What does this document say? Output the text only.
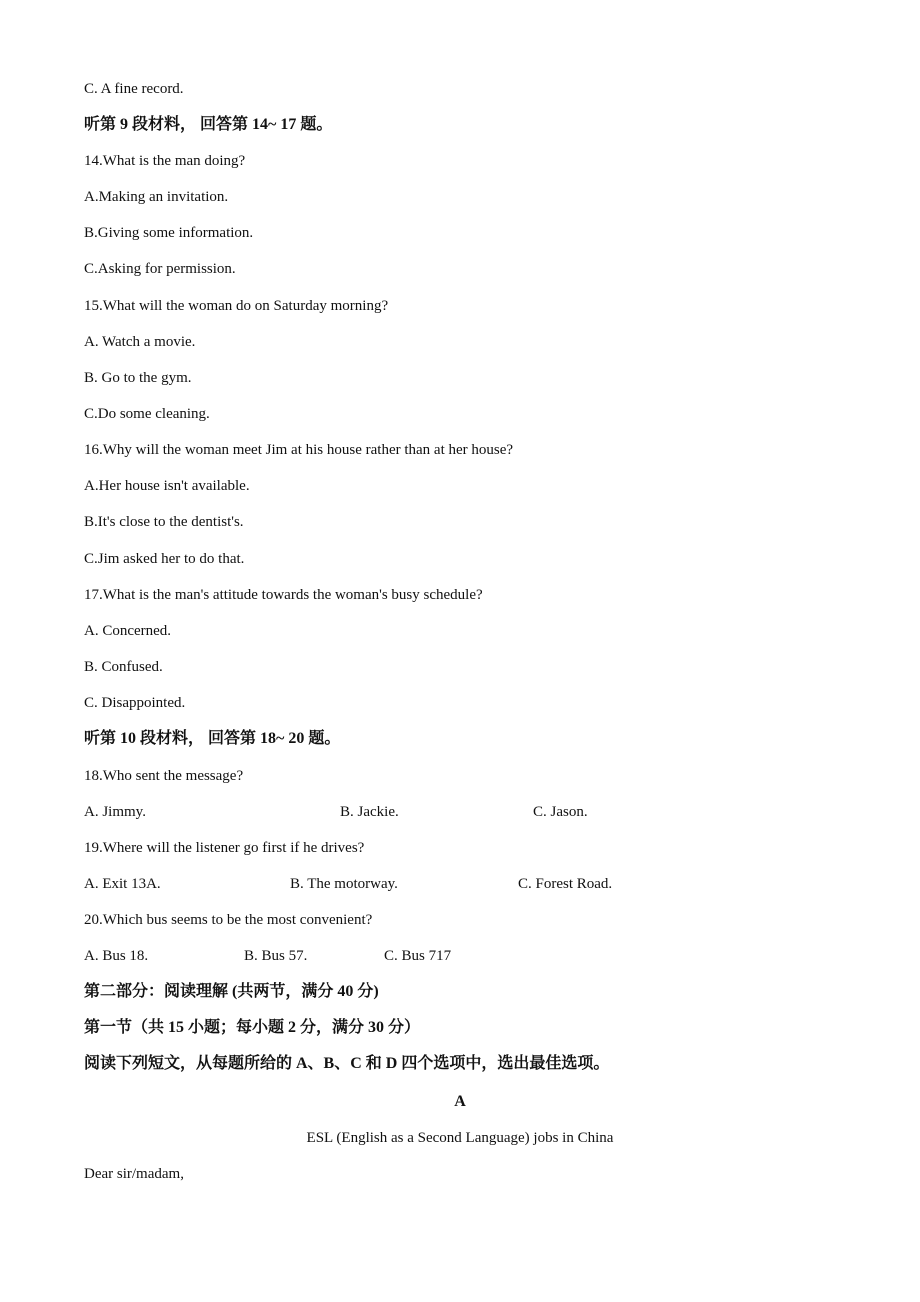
C. A fine record.
听第 9 段材料， 回答第 14~ 17 题。
14.What is the man doing?
A.Making an invitation.
B.Giving some information.
C.Asking for permission.
15.What will the woman do on Saturday morning?
A. Watch a movie.
B. Go to the gym.
C.Do some cleaning.
16.Why will the woman meet Jim at his house rather than at her house?
A.Her house isn't available.
B.It's close to the dentist's.
C.Jim asked her to do that.
17.What is the man's attitude towards the woman's busy schedule?
A. Concerned.
B. Confused.
C. Disappointed.
听第 10 段材料， 回答第 18~ 20 题。
18.Who sent the message?
A. Jimmy.	B. Jackie.	C. Jason.
19.Where will the listener go first if he drives?
A. Exit 13A.	B. The motorway.	C. Forest Road.
20.Which bus seems to be the most convenient?
A. Bus 18.	B. Bus 57.	C. Bus 717
第二部分：阅读理解 (共两节，满分 40 分)
第一节（共 15 小题；每小题 2 分，满分 30 分）
阅读下列短文，从每题所给的 A、B、C 和 D 四个选项中，选出最佳选项。
A
ESL (English as a Second Language) jobs in China
Dear sir/madam,
